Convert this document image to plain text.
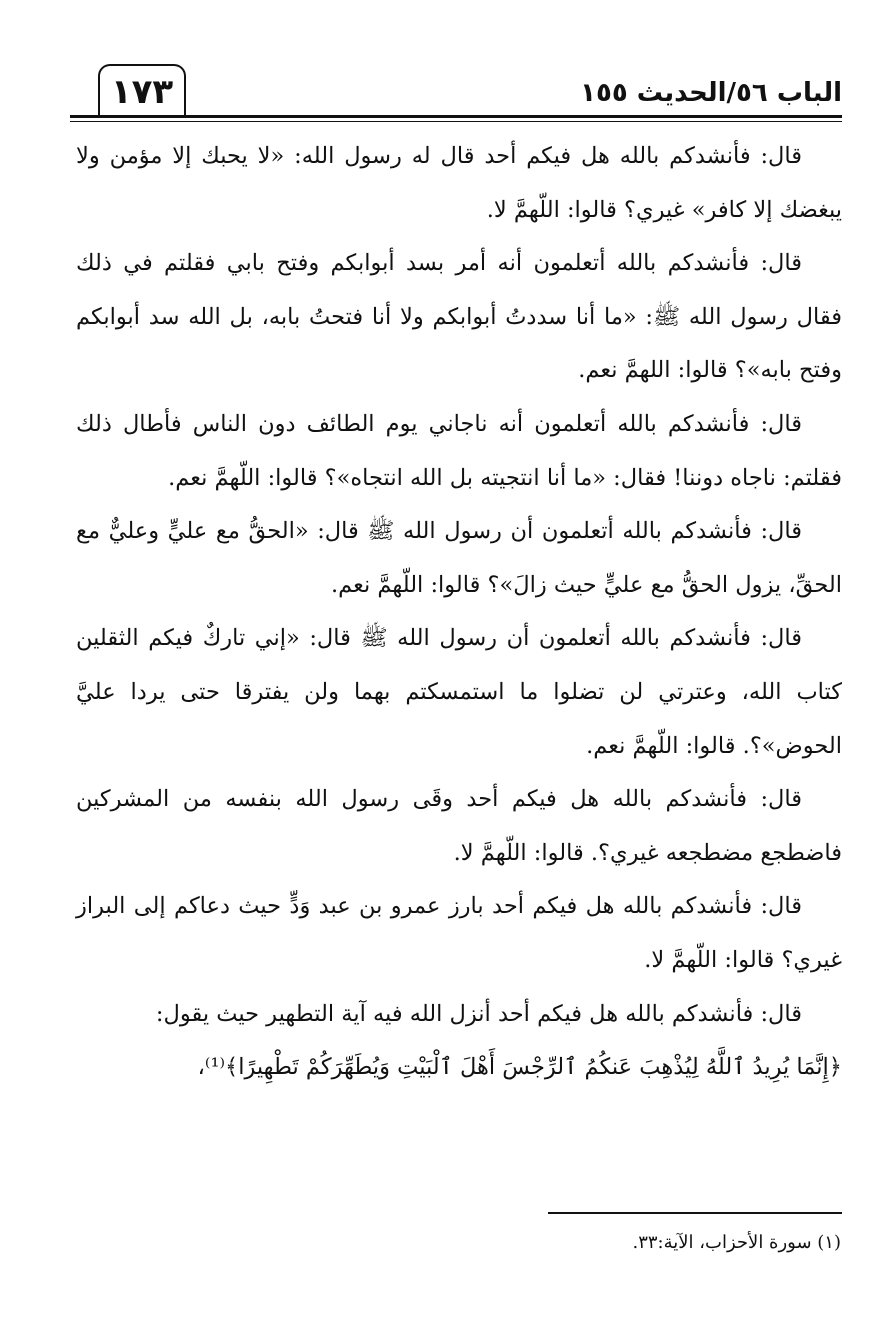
الباب ٥٦/الحديث ١٥٥
١٧٣

قال: فأنشدكم بالله هل فيكم أحد قال له رسول الله: «لا يحبك إلا مؤمن ولا يبغضك إلا كافر» غيري؟ قالوا: اللّهمَّ لا.

قال: فأنشدكم بالله أتعلمون أنه أمر بسد أبوابكم وفتح بابي فقلتم في ذلك فقال رسول الله ﷺ: «ما أنا سددتُ أبوابكم ولا أنا فتحتُ بابه، بل الله سد أبوابكم وفتح بابه»؟ قالوا: اللهمَّ نعم.

قال: فأنشدكم بالله أتعلمون أنه ناجاني يوم الطائف دون الناس فأطال ذلك فقلتم: ناجاه دوننا! فقال: «ما أنا انتجيته بل الله انتجاه»؟ قالوا: اللّهمَّ نعم.

قال: فأنشدكم بالله أتعلمون أن رسول الله ﷺ قال: «الحقُّ مع عليٍّ وعليٌّ مع الحقِّ، يزول الحقُّ مع عليٍّ حيث زالَ»؟ قالوا: اللّهمَّ نعم.

قال: فأنشدكم بالله أتعلمون أن رسول الله ﷺ قال: «إني تاركٌ فيكم الثقلين كتاب الله، وعترتي لن تضلوا ما استمسكتم بهما ولن يفترقا حتى يردا عليَّ الحوض»؟. قالوا: اللّهمَّ نعم.

قال: فأنشدكم بالله هل فيكم أحد وقَى رسول الله بنفسه من المشركين فاضطجع مضطجعه غيري؟. قالوا: اللّهمَّ لا.

قال: فأنشدكم بالله هل فيكم أحد بارز عمرو بن عبد وَدٍّ حيث دعاكم إلى البراز غيري؟ قالوا: اللّهمَّ لا.

قال: فأنشدكم بالله هل فيكم أحد أنزل الله فيه آية التطهير حيث يقول:

﴿إِنَّمَا يُرِيدُ ٱللَّهُ لِيُذْهِبَ عَنكُمُ ٱلرِّجْسَ أَهْلَ ٱلْبَيْتِ وَيُطَهِّرَكُمْ تَطْهِيرًا﴾⁽¹⁾،

(١) سورة الأحزاب، الآية:٣٣.
